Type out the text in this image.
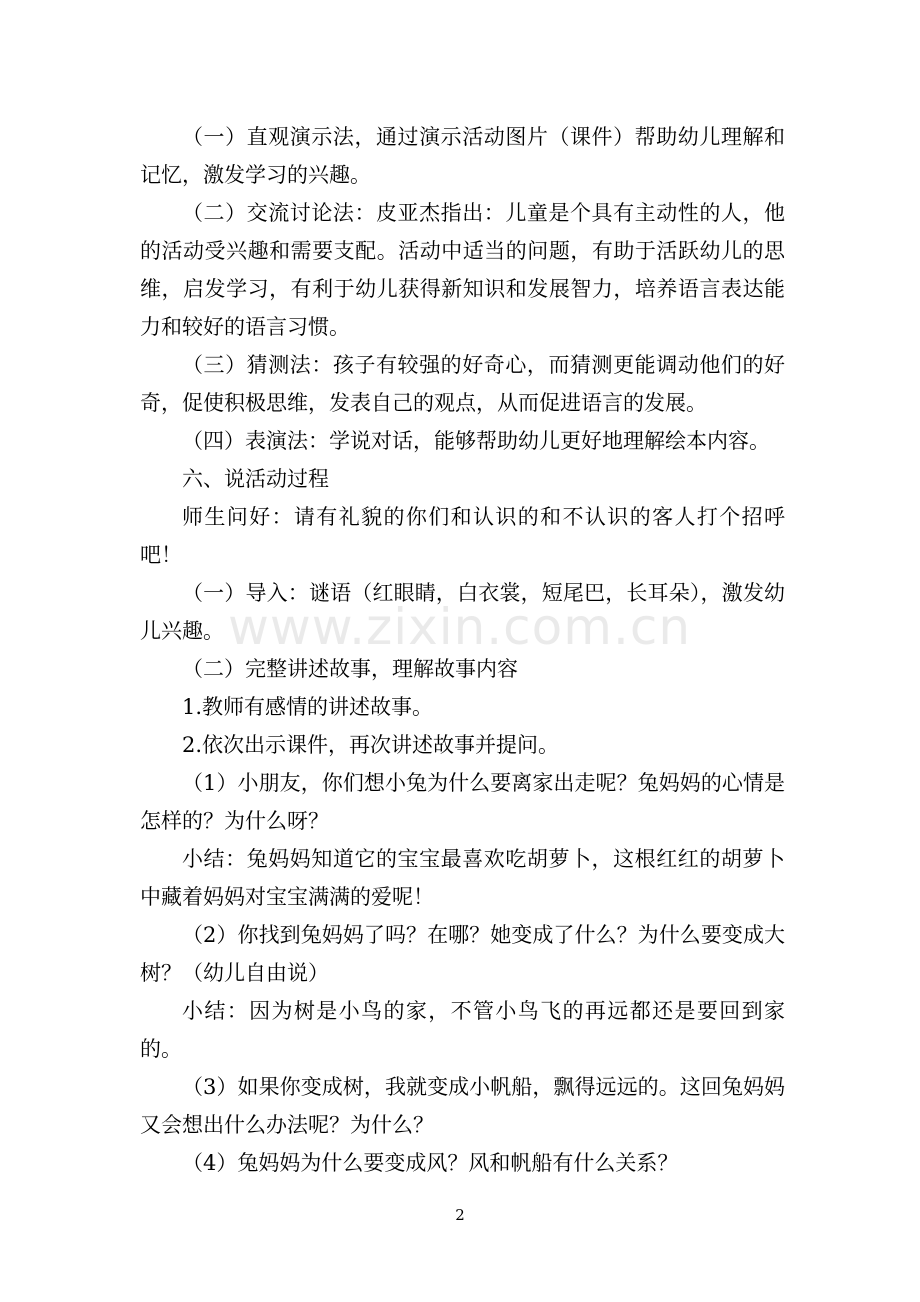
（一）直观演示法，通过演示活动图片（课件）帮助幼儿理解和记忆，激发学习的兴趣。

（二）交流讨论法：皮亚杰指出：儿童是个具有主动性的人，他的活动受兴趣和需要支配。活动中适当的问题，有助于活跃幼儿的思维，启发学习，有利于幼儿获得新知识和发展智力，培养语言表达能力和较好的语言习惯。

（三）猜测法：孩子有较强的好奇心，而猜测更能调动他们的好奇，促使积极思维，发表自己的观点，从而促进语言的发展。

（四）表演法：学说对话，能够帮助幼儿更好地理解绘本内容。

六、说活动过程

师生问好：请有礼貌的你们和认识的和不认识的客人打个招呼吧！

（一）导入：谜语（红眼睛，白衣裳，短尾巴，长耳朵），激发幼儿兴趣。

（二）完整讲述故事，理解故事内容

1.教师有感情的讲述故事。

2.依次出示课件，再次讲述故事并提问。

（1）小朋友，你们想小兔为什么要离家出走呢？兔妈妈的心情是怎样的？为什么呀？

小结：兔妈妈知道它的宝宝最喜欢吃胡萝卜，这根红红的胡萝卜中藏着妈妈对宝宝满满的爱呢！

（2）你找到兔妈妈了吗？在哪？她变成了什么？为什么要变成大树？（幼儿自由说）

小结：因为树是小鸟的家，不管小鸟飞的再远都还是要回到家的。

（3）如果你变成树，我就变成小帆船，飘得远远的。这回兔妈妈又会想出什么办法呢？为什么？

（4）兔妈妈为什么要变成风？风和帆船有什么关系？

www.zixin.com.cn
2
